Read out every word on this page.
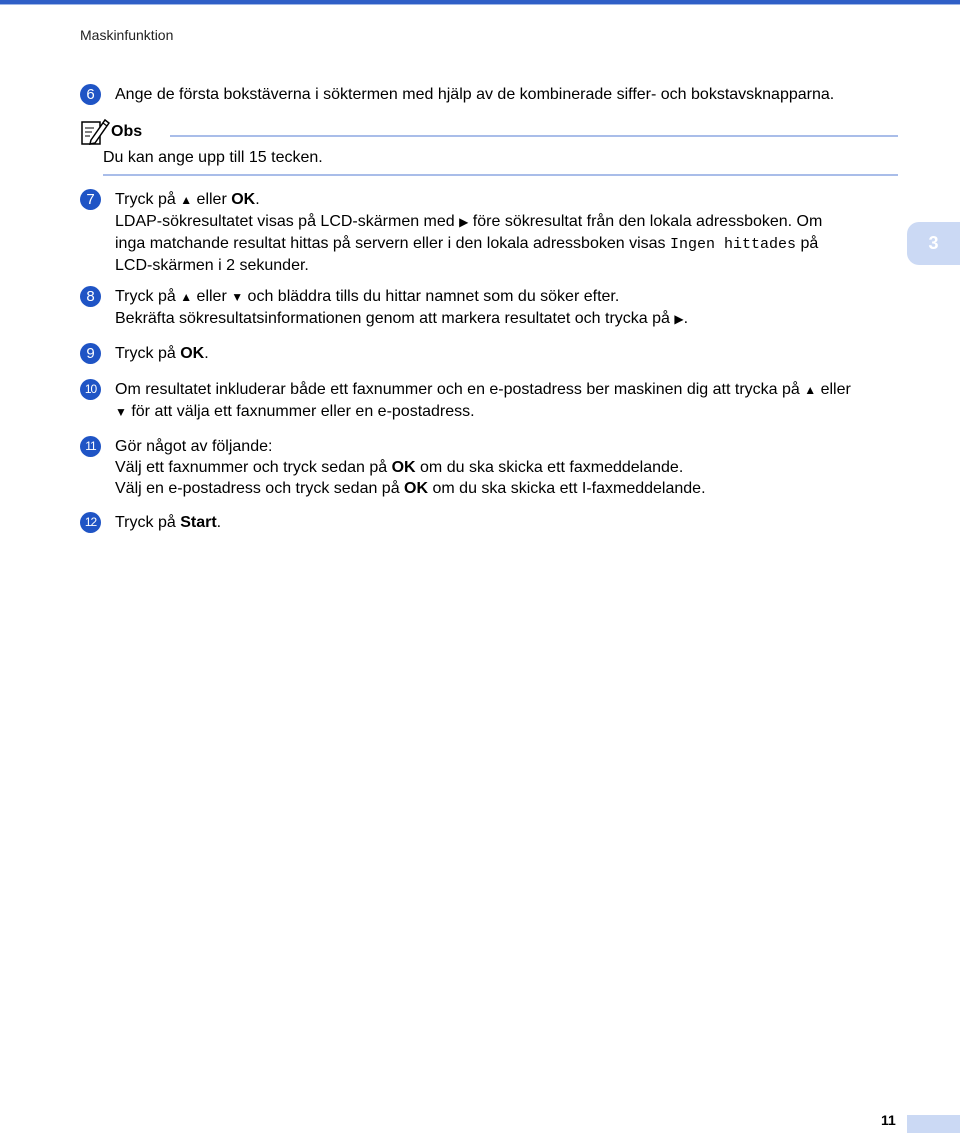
Maskinfunktion
6	Ange de första bokstäverna i söktermen med hjälp av de kombinerade siffer- och bokstavsknapparna.
Obs
Du kan ange upp till 15 tecken.
7	Tryck på ▲ eller OK.
LDAP-sökresultatet visas på LCD-skärmen med ▶ före sökresultat från den lokala adressboken. Om
inga matchande resultat hittas på servern eller i den lokala adressboken visas Ingen hittades på
LCD-skärmen i 2 sekunder.
8	Tryck på ▲ eller ▼ och bläddra tills du hittar namnet som du söker efter.
Bekräfta sökresultatsinformationen genom att markera resultatet och trycka på ▶.
9	Tryck på OK.
10	Om resultatet inkluderar både ett faxnummer och en e-postadress ber maskinen dig att trycka på ▲ eller
▼ för att välja ett faxnummer eller en e-postadress.
11	Gör något av följande:
Välj ett faxnummer och tryck sedan på OK om du ska skicka ett faxmeddelande.
Välj en e-postadress och tryck sedan på OK om du ska skicka ett I-faxmeddelande.
12	Tryck på Start.
3
11
